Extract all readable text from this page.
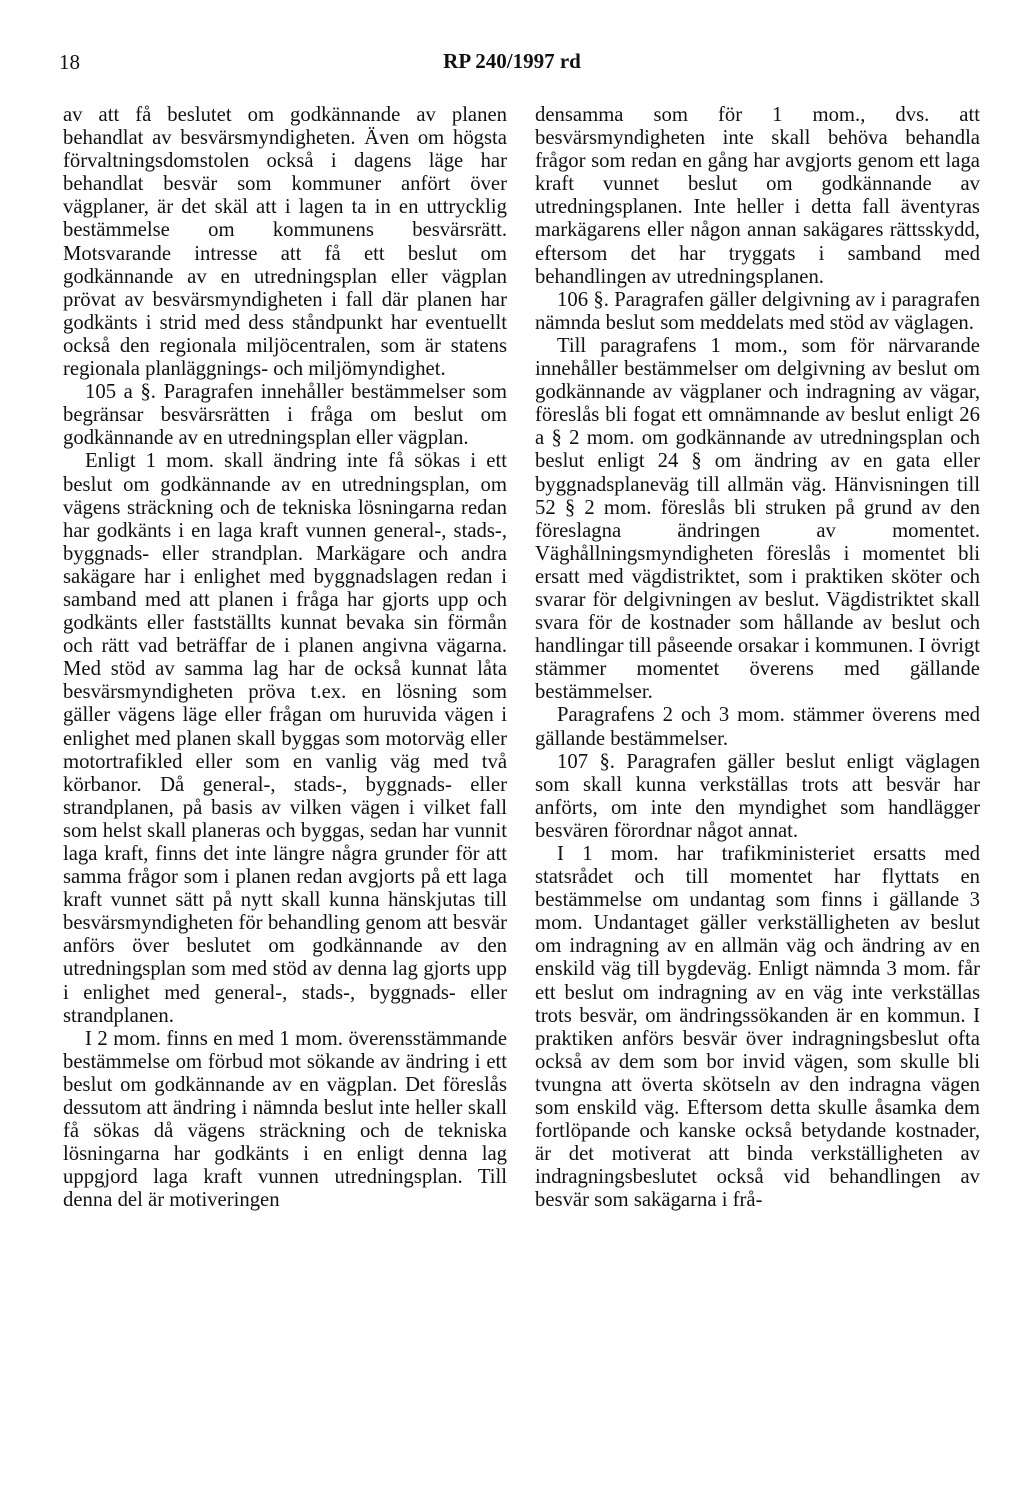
18	RP 240/1997 rd

av att få beslutet om godkännande av planen behandlat av besvärsmyndigheten. Även om högsta förvaltningsdomstolen också i dagens läge har behandlat besvär som kommuner anfört över vägplaner, är det skäl att i lagen ta in en uttrycklig bestämmelse om kommunens besvärsrätt. Motsvarande intresse att få ett beslut om godkännande av en utredningsplan eller vägplan prövat av besvärsmyndigheten i fall där planen har godkänts i strid med dess ståndpunkt har eventuellt också den regionala miljöcentralen, som är statens regionala planläggnings- och miljömyndighet.

105 a §. Paragrafen innehåller bestämmelser som begränsar besvärsrätten i fråga om beslut om godkännande av en utredningsplan eller vägplan.

Enligt 1 mom. skall ändring inte få sökas i ett beslut om godkännande av en utredningsplan, om vägens sträckning och de tekniska lösningarna redan har godkänts i en laga kraft vunnen general-, stads-, byggnads- eller strandplan. Markägare och andra sakägare har i enlighet med byggnadslagen redan i samband med att planen i fråga har gjorts upp och godkänts eller fastställts kunnat bevaka sin förmån och rätt vad beträffar de i planen angivna vägarna. Med stöd av samma lag har de också kunnat låta besvärsmyndigheten pröva t.ex. en lösning som gäller vägens läge eller frågan om huruvida vägen i enlighet med planen skall byggas som motorväg eller motortrafikled eller som en vanlig väg med två körbanor. Då general-, stads-, byggnads- eller strandplanen, på basis av vilken vägen i vilket fall som helst skall planeras och byggas, sedan har vunnit laga kraft, finns det inte längre några grunder för att samma frågor som i planen redan avgjorts på ett laga kraft vunnet sätt på nytt skall kunna hänskjutas till besvärsmyndigheten för behandling genom att besvär anförs över beslutet om godkännande av den utredningsplan som med stöd av denna lag gjorts upp i enlighet med general-, stads-, byggnads- eller strandplanen.

I 2 mom. finns en med 1 mom. överensstämmande bestämmelse om förbud mot sökande av ändring i ett beslut om godkännande av en vägplan. Det föreslås dessutom att ändring i nämnda beslut inte heller skall få sökas då vägens sträckning och de tekniska lösningarna har godkänts i en enligt denna lag uppgjord laga kraft vunnen utredningsplan. Till denna del är motiveringen

densamma som för 1 mom., dvs. att besvärsmyndigheten inte skall behöva behandla frågor som redan en gång har avgjorts genom ett laga kraft vunnet beslut om godkännande av utredningsplanen. Inte heller i detta fall äventyras markägarens eller någon annan sakägares rättsskydd, eftersom det har tryggats i samband med behandlingen av utredningsplanen.

106 §. Paragrafen gäller delgivning av i paragrafen nämnda beslut som meddelats med stöd av väglagen.

Till paragrafens 1 mom., som för närvarande innehåller bestämmelser om delgivning av beslut om godkännande av vägplaner och indragning av vägar, föreslås bli fogat ett omnämnande av beslut enligt 26 a § 2 mom. om godkännande av utredningsplan och beslut enligt 24 § om ändring av en gata eller byggnadsplaneväg till allmän väg. Hänvisningen till 52 § 2 mom. föreslås bli struken på grund av den föreslagna ändringen av momentet. Väghållningsmyndigheten föreslås i momentet bli ersatt med vägdistriktet, som i praktiken sköter och svarar för delgivningen av beslut. Vägdistriktet skall svara för de kostnader som hållande av beslut och handlingar till påseende orsakar i kommunen. I övrigt stämmer momentet överens med gällande bestämmelser.

Paragrafens 2 och 3 mom. stämmer överens med gällande bestämmelser.

107 §. Paragrafen gäller beslut enligt väglagen som skall kunna verkställas trots att besvär har anförts, om inte den myndighet som handlägger besvären förordnar något annat.

I 1 mom. har trafikministeriet ersatts med statsrådet och till momentet har flyttats en bestämmelse om undantag som finns i gällande 3 mom. Undantaget gäller verkställigheten av beslut om indragning av en allmän väg och ändring av en enskild väg till bygdeväg. Enligt nämnda 3 mom. får ett beslut om indragning av en väg inte verkställas trots besvär, om ändringssökanden är en kommun. I praktiken anförs besvär över indragningsbeslut ofta också av dem som bor invid vägen, som skulle bli tvungna att överta skötseln av den indragna vägen som enskild väg. Eftersom detta skulle åsamka dem fortlöpande och kanske också betydande kostnader, är det motiverat att binda verkställigheten av indragningsbeslutet också vid behandlingen av besvär som sakägarna i frå-
